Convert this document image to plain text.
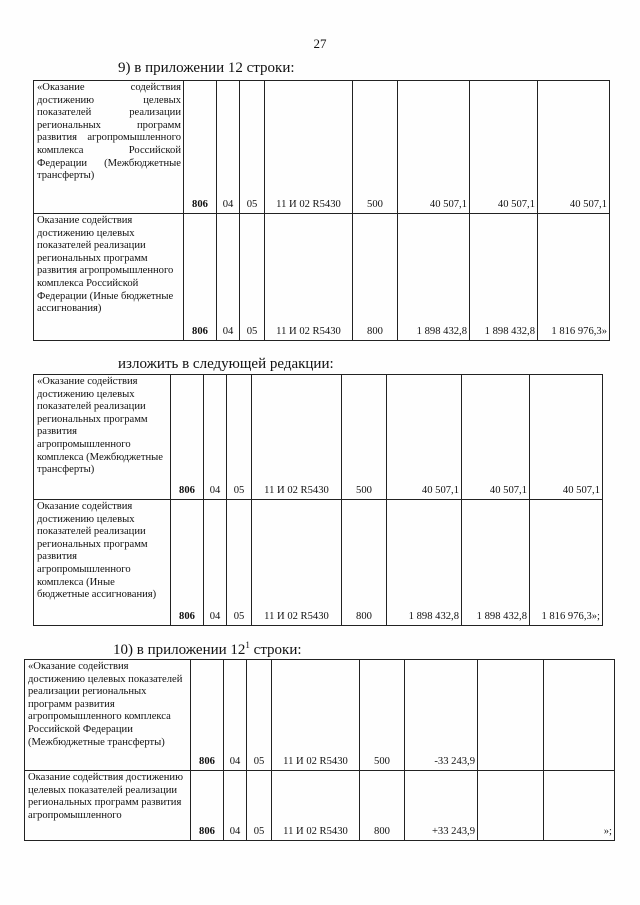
27
9) в приложении 12 строки:
«Оказание содействия достижению целевых показателей реализации региональных программ развития агропромышленного комплекса Российской Федерации (Межбюджетные трансферты)	806	04	05	11 И 02 R5430	500	40 507,1	40 507,1	40 507,1

Оказание содействия достижению целевых показателей реализации региональных программ развития агропромышленного комплекса Российской Федерации (Иные бюджетные ассигнования)	806	04	05	11 И 02 R5430	800	1 898 432,8	1 898 432,8	1 816 976,3»
изложить в следующей редакции:
«Оказание содействия достижению целевых показателей реализации региональных программ развития агропромышленного комплекса (Межбюджетные трансферты)	806	04	05	11 И 02 R5430	500	40 507,1	40 507,1	40 507,1

Оказание содействия достижению целевых показателей реализации региональных программ развития агропромышленного комплекса (Иные бюджетные ассигнования)	806	04	05	11 И 02 R5430	800	1 898 432,8	1 898 432,8	1 816 976,3»;
10) в приложении $12^1$ строки:
«Оказание содействия достижению целевых показателей реализации региональных программ развития агропромышленного комплекса Российской Федерации (Межбюджетные трансферты)	806	04	05	11 И 02 R5430	500	-33 243,9		

Оказание содействия достижению целевых показателей реализации региональных программ развития агропромышленного	806	04	05	11 И 02 R5430	800	+33 243,9		»;
